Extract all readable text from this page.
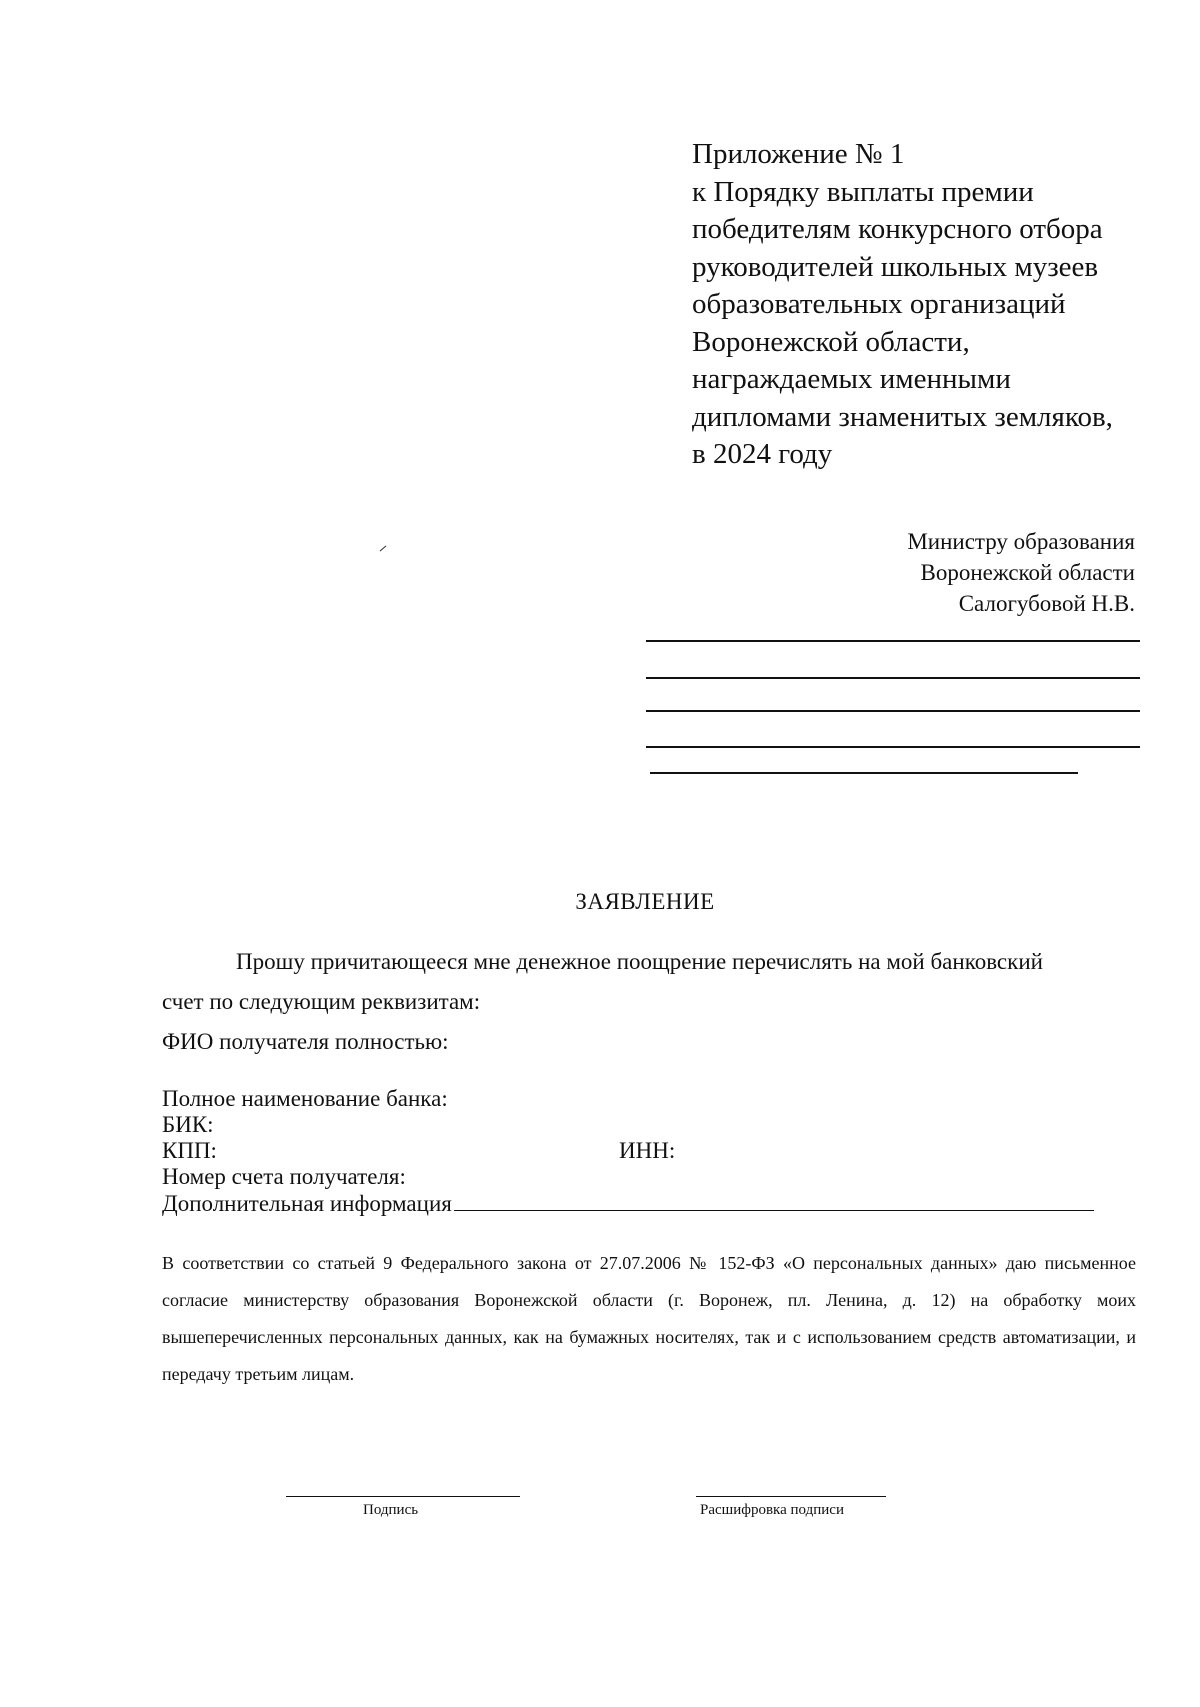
Приложение № 1
к Порядку выплаты премии
победителям конкурсного отбора
руководителей школьных музеев
образовательных организаций
Воронежской области,
награждаемых именными
дипломами знаменитых земляков,
в 2024 году
Министру образования
Воронежской области
Салогубовой Н.В.
ЗАЯВЛЕНИЕ
Прошу причитающееся мне денежное поощрение перечислять на мой банковский
счет по следующим реквизитам:
ФИО получателя полностью:
Полное наименование банка:
БИК:
КПП:	ИНН:
Номер счета получателя:
Дополнительная информация
В соответствии со статьей 9 Федерального закона от 27.07.2006 № 152-ФЗ «О персональных данных» даю письменное согласие министерству образования Воронежской области (г. Воронеж, пл. Ленина, д. 12) на обработку моих вышеперечисленных персональных данных, как на бумажных носителях, так и с использованием средств автоматизации, и передачу третьим лицам.
Подпись	Расшифровка подписи
